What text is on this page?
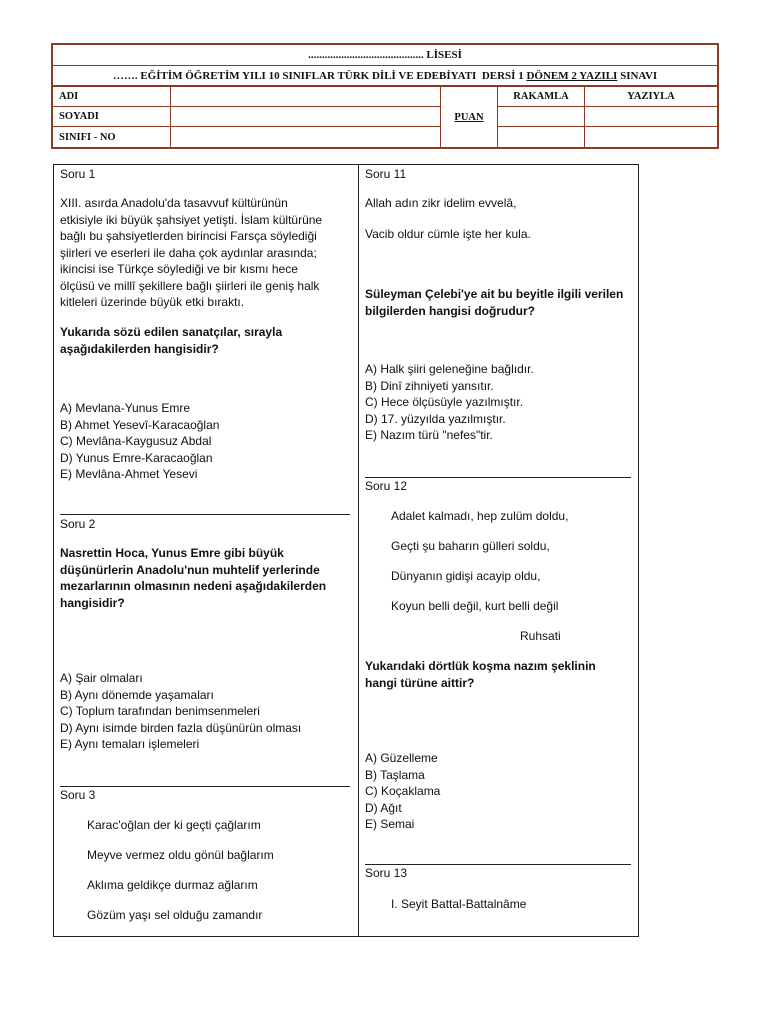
.......................................... LİSESİ
……. EĞİTİM ÖĞRETİM YILI 10 SINIFLAR TÜRK DİLİ VE EDEBİYATI  DERSİ 1 DÖNEM 2 YAZILI SINAVI
ADI
PUAN
RAKAMLA	YAZIYLA
SOYADI
SINIFI - NO
Soru 1
XIII. asırda Anadolu'da tasavvuf kültürünün
etkisiyle iki büyük şahsiyet yetişti. İslam kültürüne
bağlı bu şahsiyetlerden birincisi Farsça söylediği
şiirleri ve eserleri ile daha çok aydınlar arasında;
ikincisi ise Türkçe söylediği ve bir kısmı hece
ölçüsü ve millî şekillere bağlı şiirleri ile geniş halk
kitleleri üzerinde büyük etki bıraktı.
Yukarıda sözü edilen sanatçılar, sırayla
aşağıdakilerden hangisidir?
A) Mevlana-Yunus Emre
B) Ahmet Yesevî-Karacaoğlan
C) Mevlâna-Kaygusuz Abdal
D) Yunus Emre-Karacaoğlan
E) Mevlâna-Ahmet Yesevi
Soru 2
Nasrettin Hoca, Yunus Emre gibi büyük
düşünürlerin Anadolu'nun muhtelif yerlerinde
mezarlarının olmasının nedeni aşağıdakilerden
hangisidir?
A) Şair olmaları
B) Aynı dönemde yaşamaları
C) Toplum tarafından benimsenmeleri
D) Aynı isimde birden fazla düşünürün olması
E) Aynı temaları işlemeleri
Soru 3
Karac'oğlan der ki geçti çağlarım
Meyve vermez oldu gönül bağlarım
Aklıma geldikçe durmaz ağlarım
Gözüm yaşı sel olduğu zamandır
Soru 11
Allah adın zikr idelim evvelâ,
Vacib oldur cümle işte her kula.
Süleyman Çelebi'ye ait bu beyitle ilgili verilen
bilgilerden hangisi doğrudur?
A) Halk şiiri geleneğine bağlıdır.
B) Dinî zihniyeti yansıtır.
C) Hece ölçüsüyle yazılmıştır.
D) 17. yüzyılda yazılmıştır.
E) Nazım türü "nefes"tir.
Soru 12
Adalet kalmadı, hep zulüm doldu,
Geçti şu baharın gülleri soldu,
Dünyanın gidişi acayip oldu,
Koyun belli değil, kurt belli değil
Ruhsati
Yukarıdaki dörtlük koşma nazım şeklinin
hangi türüne aittir?
A) Güzelleme
B) Taşlama
C) Koçaklama
D) Ağıt
E) Semai
Soru 13
I. Seyit Battal-Battalnâme
